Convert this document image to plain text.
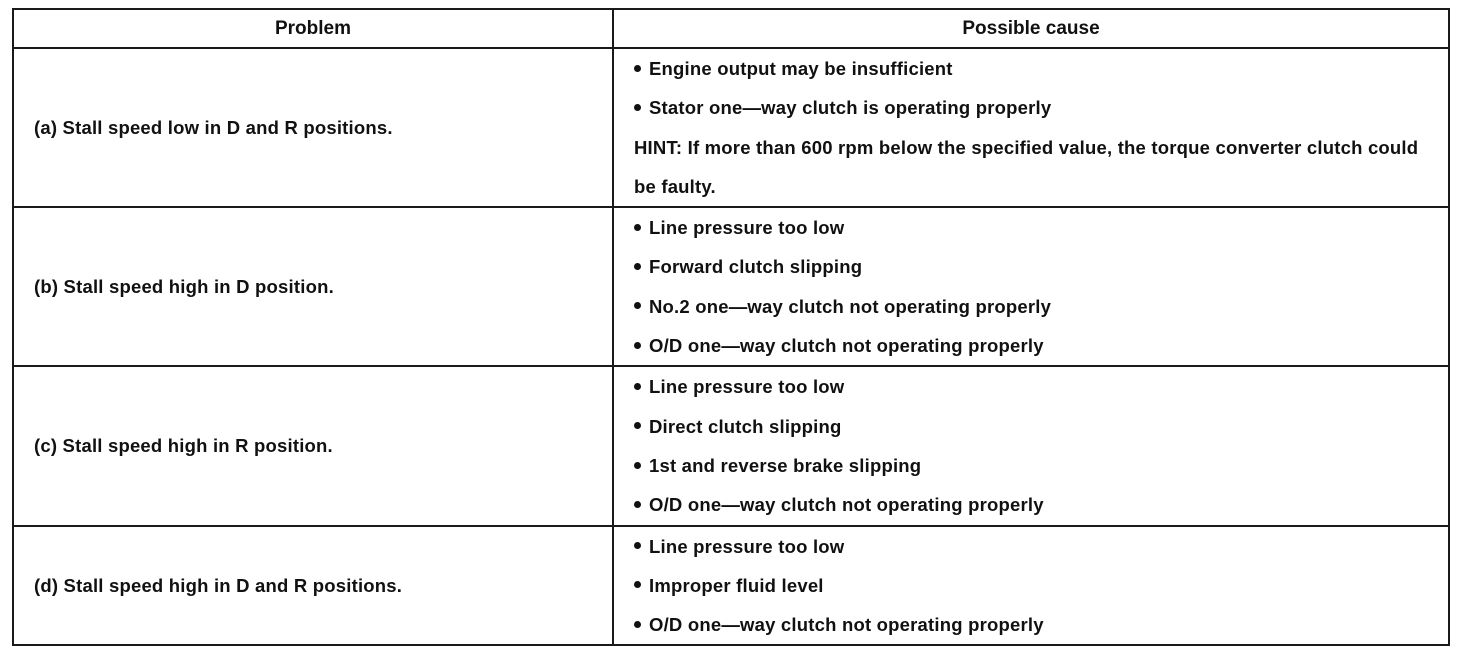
Problem	Possible cause
(a) Stall speed low in D and R positions.	Engine output may be insufficient
Stator one—way clutch is operating properly
HINT: If more than 600 rpm below the specified value, the torque converter clutch could be faulty.

(b) Stall speed high in D position.	Line pressure too low
Forward clutch slipping
No.2 one—way clutch not operating properly
O/D one—way clutch not operating properly

(c) Stall speed high in R position.	Line pressure too low
Direct clutch slipping
1st and reverse brake slipping
O/D one—way clutch not operating properly

(d) Stall speed high in D and R positions.	Line pressure too low
Improper fluid level
O/D one—way clutch not operating properly
